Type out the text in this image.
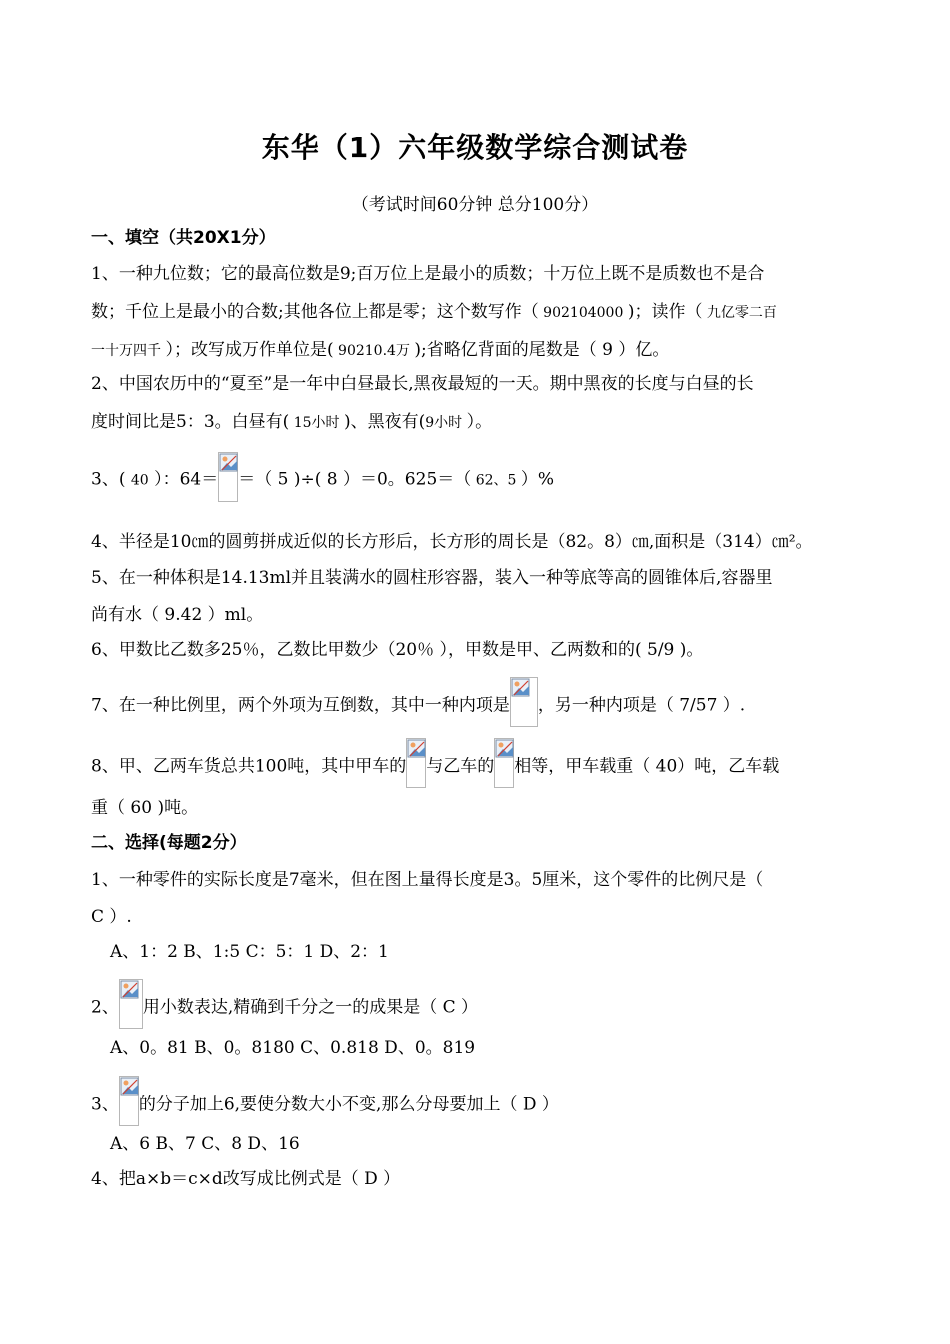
东华（1）六年级数学综合测试卷
（考试时间60分钟 总分100分）
一、填空（共20X1分）
1、一种九位数；它的最高位数是9;百万位上是最小的质数；十万位上既不是质数也不是合
数；千位上是最小的合数;其他各位上都是零；这个数写作（ 902104000 )；读作（ 九亿零二百
一十万四千 ）；改写成万作单位是( 90210.4万 );省略亿背面的尾数是（ 9 ）亿。
2、中国农历中的“夏至”是一年中白昼最长,黑夜最短的一天。期中黑夜的长度与白昼的长
度时间比是5：3。白昼有( 15小时 )、黑夜有(9小时 ）。
3、( 40 ）：64＝ ＝（ 5 )÷( 8 ）＝0。625＝（ 62、5 ）%
4、半径是10㎝的圆剪拼成近似的长方形后，长方形的周长是（82。8）㎝,面积是（314）㎝²。
5、在一种体积是14.13ml并且装满水的圆柱形容器，装入一种等底等高的圆锥体后,容器里
尚有水（ 9.42 ）ml。
6、甲数比乙数多25％，乙数比甲数少（20％ ），甲数是甲、乙两数和的( 5/9 )。
7、在一种比例里，两个外项为互倒数，其中一种内项是 ，另一种内项是（ 7/57 ）.
8、甲、乙两车货总共100吨，其中甲车的 与乙车的 相等，甲车载重（ 40）吨，乙车载
重（ 60 )吨。
二、选择(每题2分）
1、一种零件的实际长度是7毫米，但在图上量得长度是3。5厘米，这个零件的比例尺是（
C ）.
A、1：2 B、1:5 C：5：1 D、2：1
2、 用小数表达,精确到千分之一的成果是（ C ）
A、0。81 B、0。8180 C、0.818 D、0。819
3、 的分子加上6,要使分数大小不变,那么分母要加上（ D ）
A、6 B、7 C、8 D、16
4、把a×b＝c×d改写成比例式是（ D ）
